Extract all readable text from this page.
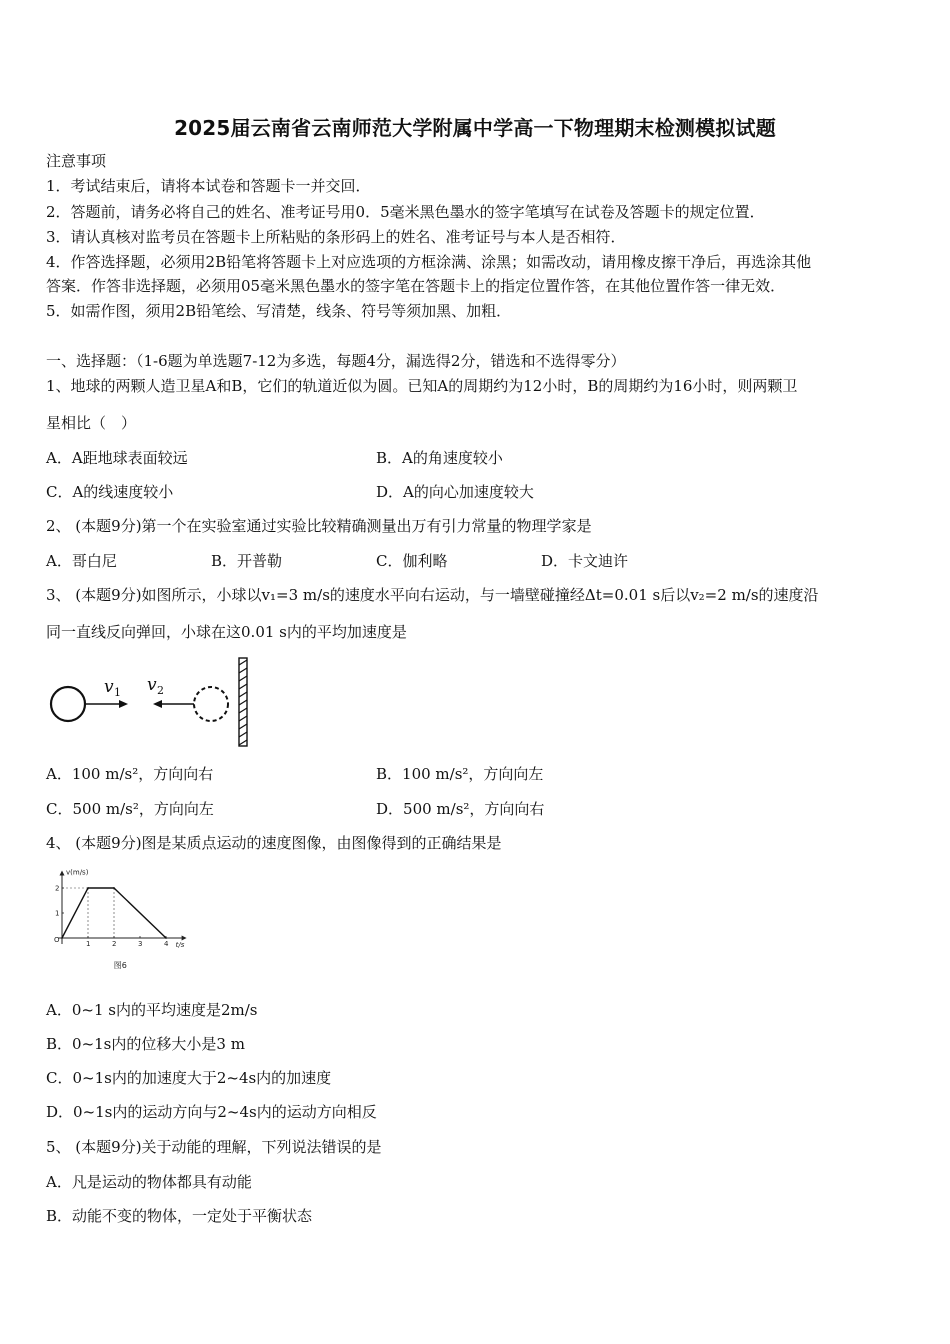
2025届云南省云南师范大学附属中学高一下物理期末检测模拟试题
注意事项
1．考试结束后，请将本试卷和答题卡一并交回．
2．答题前，请务必将自己的姓名、准考证号用0．5毫米黑色墨水的签字笔填写在试卷及答题卡的规定位置．
3．请认真核对监考员在答题卡上所粘贴的条形码上的姓名、准考证号与本人是否相符．
4．作答选择题，必须用2B铅笔将答题卡上对应选项的方框涂满、涂黑；如需改动，请用橡皮擦干净后，再选涂其他
答案．作答非选择题，必须用05毫米黑色墨水的签字笔在答题卡上的指定位置作答，在其他位置作答一律无效．
5．如需作图，须用2B铅笔绘、写清楚，线条、符号等须加黑、加粗．
一、选择题：（1-6题为单选题7-12为多选，每题4分，漏选得2分，错选和不选得零分）
1、地球的两颗人造卫星A和B，它们的轨道近似为圆。已知A的周期约为12小时，B的周期约为16小时，则两颗卫
星相比（　）
A．A距地球表面较远	B．A的角速度较小
C．A的线速度较小	D．A的向心加速度较大
2、 (本题9分)第一个在实验室通过实验比较精确测量出万有引力常量的物理学家是
A．哥白尼	B．开普勒	C．伽利略	D．卡文迪许
3、 (本题9分)如图所示，小球以v₁=3 m/s的速度水平向右运动，与一墙壁碰撞经Δt=0.01 s后以v₂=2 m/s的速度沿
同一直线反向弹回，小球在这0.01 s内的平均加速度是
v 1 v 2
A．100 m/s²，方向向右	B．100 m/s²，方向向左
C．500 m/s²，方向向左	D．500 m/s²，方向向右
4、 (本题9分)图是某质点运动的速度图像，由图像得到的正确结果是
v(m/s)
t/s
O
图6
1	2	3	4
1
2
A．0~1 s内的平均速度是2m/s
B．0~1s内的位移大小是3 m
C．0~1s内的加速度大于2~4s内的加速度
D．0~1s内的运动方向与2~4s内的运动方向相反
5、 (本题9分)关于动能的理解，下列说法错误的是
A．凡是运动的物体都具有动能
B．动能不变的物体，一定处于平衡状态
